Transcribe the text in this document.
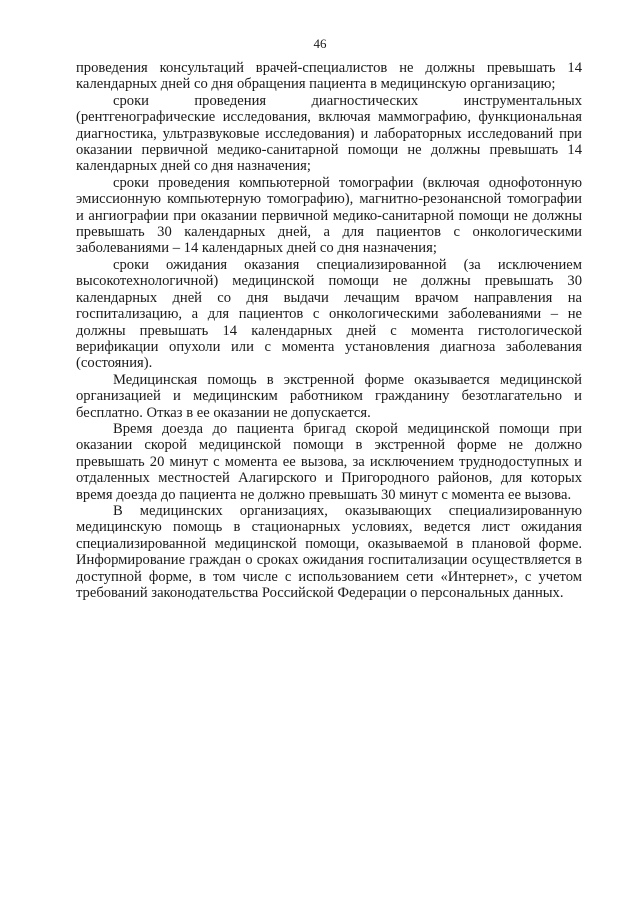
46

проведения консультаций врачей-специалистов не должны превышать 14 календарных дней со дня обращения пациента в медицинскую организацию;

сроки проведения диагностических инструментальных (рентгенографические исследования, включая маммографию, функциональная диагностика, ультразвуковые исследования) и лабораторных исследований при оказании первичной медико-санитарной помощи не должны превышать 14 календарных дней со дня назначения;

сроки проведения компьютерной томографии (включая однофотонную эмиссионную компьютерную томографию), магнитно-резонансной томографии и ангиографии при оказании первичной медико-санитарной помощи не должны превышать 30 календарных дней, а для пациентов с онкологическими заболеваниями – 14 календарных дней со дня назначения;

сроки ожидания оказания специализированной (за исключением высокотехнологичной) медицинской помощи не должны превышать 30 календарных дней со дня выдачи лечащим врачом направления на госпитализацию, а для пациентов с онкологическими заболеваниями – не должны превышать 14 календарных дней с момента гистологической верификации опухоли или с момента установления диагноза заболевания (состояния).

Медицинская помощь в экстренной форме оказывается медицинской организацией и медицинским работником гражданину безотлагательно и бесплатно. Отказ в ее оказании не допускается.

Время доезда до пациента бригад скорой медицинской помощи при оказании скорой медицинской помощи в экстренной форме не должно превышать 20 минут с момента ее вызова, за исключением труднодоступных и отдаленных местностей Алагирского и Пригородного районов, для которых время доезда до пациента не должно превышать 30 минут с момента ее вызова.

В медицинских организациях, оказывающих специализированную медицинскую помощь в стационарных условиях, ведется лист ожидания специализированной медицинской помощи, оказываемой в плановой форме. Информирование граждан о сроках ожидания госпитализации осуществляется в доступной форме, в том числе с использованием сети «Интернет», с учетом требований законодательства Российской Федерации о персональных данных.
